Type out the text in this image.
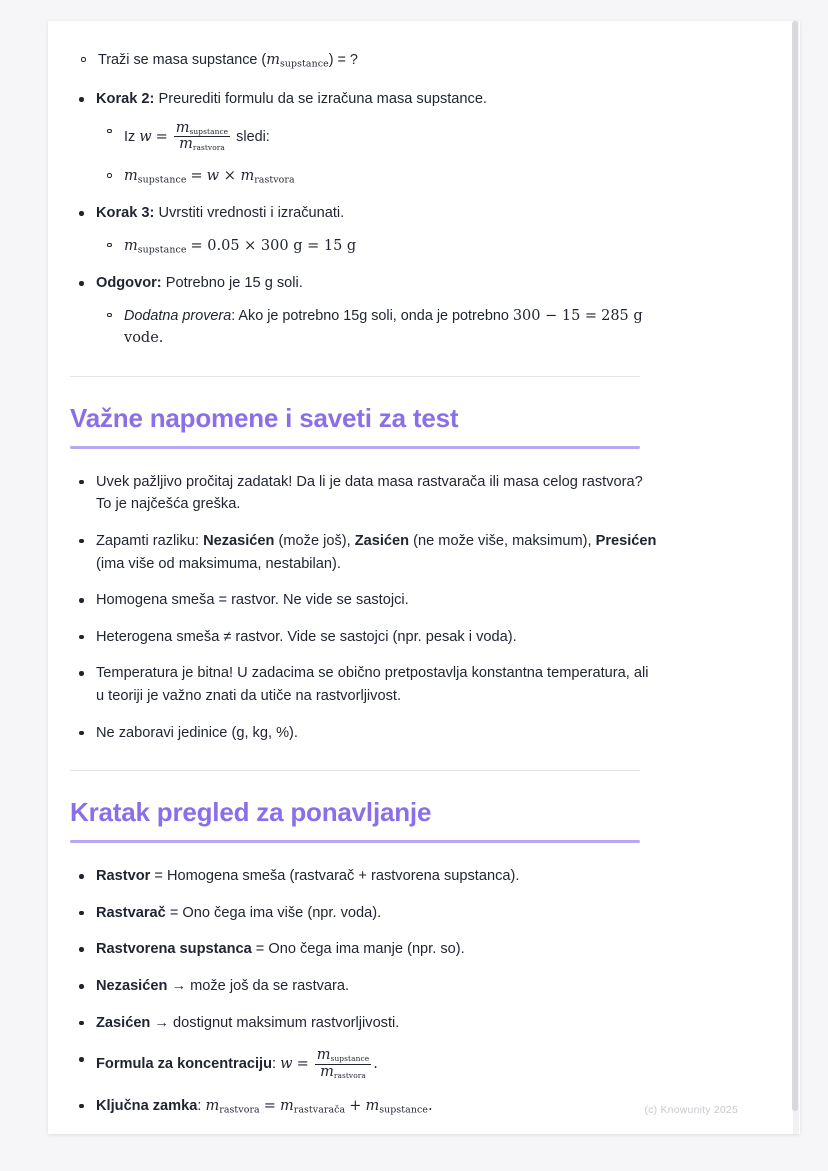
Traži se masa supstance $(m_{supstance})$ = ?
Korak 2: Preurediti formulu da se izračuna masa supstance.
Iz $w = \frac{m_{supstance}}{m_{rastvora}}$ sledi:
$m_{supstance} = w \times m_{rastvora}$
Korak 3: Uvrstiti vrednosti i izračunati.
$m_{supstance} = 0.05 \times 300$ g = 15 g
Odgovor: Potrebno je 15 g soli.
Dodatna provera: Ako je potrebno 15g soli, onda je potrebno 300 − 15 = 285 g vode.
Važne napomene i saveti za test
Uvek pažljivo pročitaj zadatak! Da li je data masa rastvarača ili masa celog rastvora? To je najčešća greška.
Zapamti razliku: Nezasićen (može još), Zasićen (ne može više, maksimum), Presićen (ima više od maksimuma, nestabilan).
Homogena smeša = rastvor. Ne vide se sastojci.
Heterogena smeša ≠ rastvor. Vide se sastojci (npr. pesak i voda).
Temperatura je bitna! U zadacima se obično pretpostavlja konstantna temperatura, ali u teoriji je važno znati da utiče na rastvorljivost.
Ne zaboravi jedinice (g, kg, %).
Kratak pregled za ponavljanje
Rastvor = Homogena smeša (rastvarač + rastvorena supstanca).
Rastvarač = Ono čega ima više (npr. voda).
Rastvorena supstanca = Ono čega ima manje (npr. so).
Nezasićen → može još da se rastvara.
Zasićen → dostignut maksimum rastvorljivosti.
Formula za koncentraciju: $w = \frac{m_{supstance}}{m_{rastvora}}$ .
Ključna zamka: $m_{rastvora} = m_{rastvarača} + m_{supstance}$.	(c) Knowunity 2025
